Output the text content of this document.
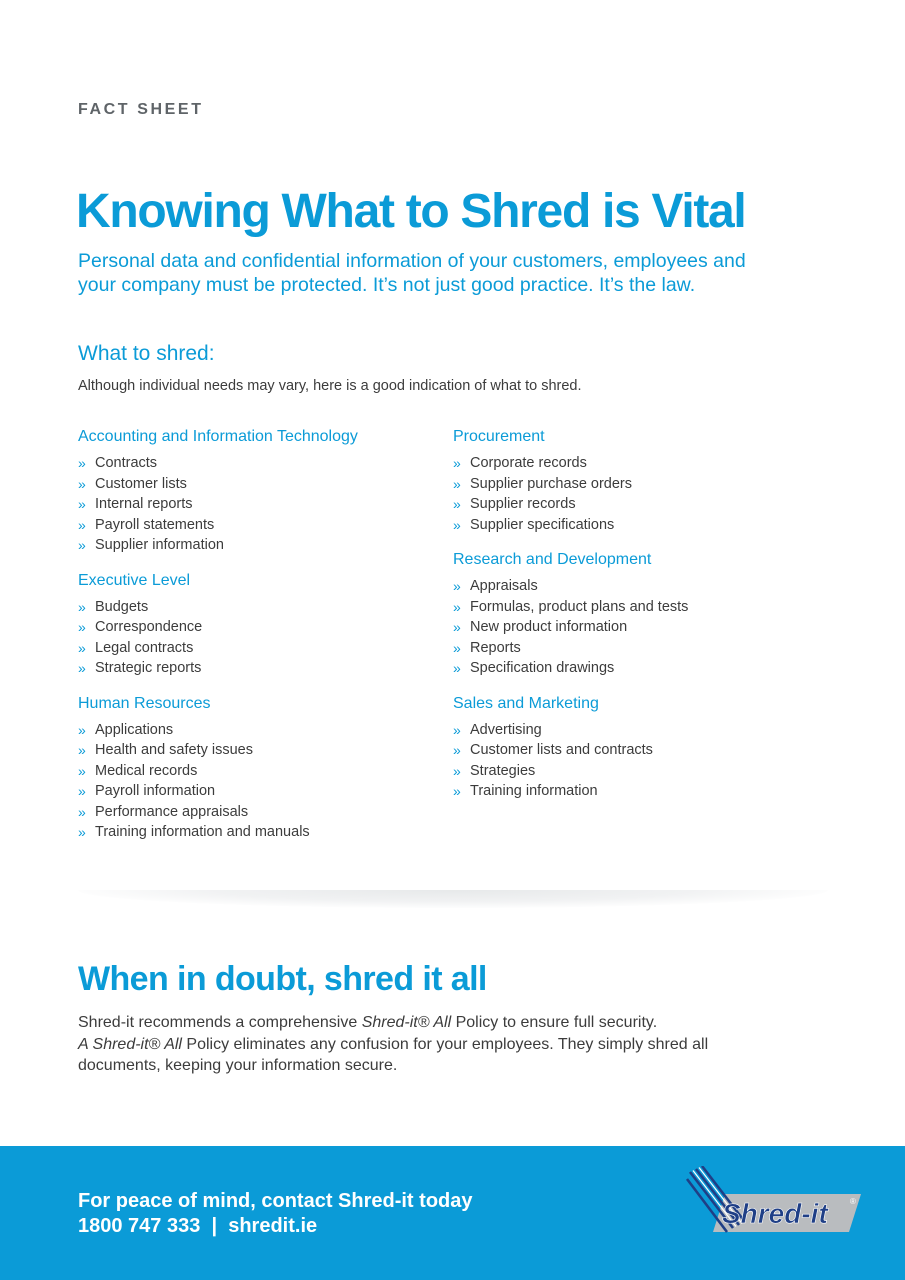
FACT SHEET
Knowing What to Shred is Vital

Personal data and confidential information of your customers, employees and your company must be protected. It’s not just good practice. It’s the law.

What to shred:

Although individual needs may vary, here is a good indication of what to shred.

Accounting and Information Technology
» Contracts
» Customer lists
» Internal reports
» Payroll statements
» Supplier information
Executive Level
» Budgets
» Correspondence
» Legal contracts
» Strategic reports
Human Resources
» Applications
» Health and safety issues
» Medical records
» Payroll information
» Performance appraisals
» Training information and manuals
Procurement
» Corporate records
» Supplier purchase orders
» Supplier records
» Supplier specifications
Research and Development
» Appraisals
» Formulas, product plans and tests
» New product information
» Reports
» Specification drawings
Sales and Marketing
» Advertising
» Customer lists and contracts
» Strategies
» Training information
When in doubt, shred it all

Shred-it recommends a comprehensive Shred-it® All Policy to ensure full security.
A Shred-it® All Policy eliminates any confusion for your employees. They simply shred all documents, keeping your information secure.

For peace of mind, contact Shred-it today
1800 747 333 | shredit.ie	Shred-it	®
